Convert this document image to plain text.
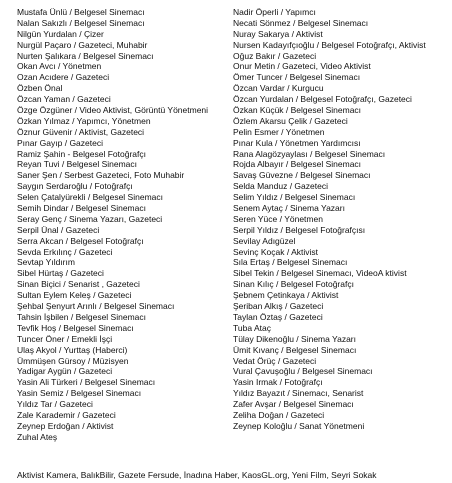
Mustafa Ünlü / Belgesel Sinemacı
Nalan Sakızlı / Belgesel Sinemacı
Nilgün Yurdalan / Çizer
Nurgül Paçaro / Gazeteci, Muhabir
Nurten Şalıkara / Belgesel Sinemacı
Okan Avcı / Yönetmen
Ozan Acıdere / Gazeteci
Özben Önal
Özcan Yaman / Gazeteci
Özge Özgüner / Video Aktivist, Görüntü Yönetmeni
Özkan Yılmaz / Yapımcı, Yönetmen
Öznur Güvenir / Aktivist, Gazeteci
Pınar Gayıp / Gazeteci
Ramiz Şahin - Belgesel Fotoğrafçı
Reyan Tuvi / Belgesel Sinemacı
Saner Şen / Serbest Gazeteci, Foto Muhabir
Saygın Serdaroğlu / Fotoğrafçı
Selen Çatalyürekli / Belgesel Sinemacı
Semih Dindar / Belgesel Sinemacı
Seray Genç / Sinema Yazarı, Gazeteci
Serpil Ünal / Gazeteci
Serra Akcan / Belgesel Fotoğrafçı
Sevda Erkılınç / Gazeteci
Sevtap Yıldırım
Sibel Hürtaş / Gazeteci
Sinan Biçici / Senarist , Gazeteci
Sultan Eylem Keleş / Gazeteci
Şehbal Şenyurt Arınlı / Belgesel Sinemacı
Tahsin İşbilen / Belgesel Sinemacı
Tevfik Hoş / Belgesel Sinemacı
Tuncer Öner / Emekli İşçi
Ulaş Akyol / Yurttaş (Haberci)
Ümmüşen Gürsoy / Müzisyen
Yadigar Aygün / Gazeteci
Yasin Ali Türkeri / Belgesel Sinemacı
Yasin Semiz / Belgesel Sinemacı
Yıldız Tar / Gazeteci
Zale Karademir / Gazeteci
Zeynep Erdoğan / Aktivist
Zuhal Ateş
Nadir Öperli / Yapımcı
Necati Sönmez / Belgesel Sinemacı
Nuray Sakarya / Aktivist
Nursen Kadayıfçıoğlu / Belgesel Fotoğrafçı, Aktivist
Oğuz Bakır / Gazeteci
Onur Metin / Gazeteci, Video Aktivist
Ömer Tuncer / Belgesel Sinemacı
Özcan Vardar / Kurgucu
Özcan Yurdalan / Belgesel Fotoğrafçı, Gazeteci
Özkan Küçük / Belgesel Sinemacı
Özlem Akarsu Çelik / Gazeteci
Pelin Esmer / Yönetmen
Pınar Kula / Yönetmen Yardımcısı
Rana Alagözyaylası / Belgesel Sinemacı
Rojda Albayır / Belgesel Sinemacı
Savaş Güvezne / Belgesel Sinemacı
Selda Manduz / Gazeteci
Selim Yıldız / Belgesel Sinemacı
Senem Aytaç / Sinema Yazarı
Seren Yüce / Yönetmen
Serpil Yıldız / Belgesel Fotoğrafçısı
Sevilay Adıgüzel
Sevinç Koçak / Aktivist
Sıla Ertaş / Belgesel Sinemacı
Sibel Tekin / Belgesel Sinemacı, VideoA ktivist
Sinan Kılıç / Belgesel Fotoğrafçı
Şebnem Çetinkaya / Aktivist
Şeriban Alkış / Gazeteci
Taylan Öztaş / Gazeteci
Tuba Ataç
Tülay Dikenoğlu / Sinema Yazarı
Ümit Kıvanç / Belgesel Sinemacı
Vedat Örüç / Gazeteci
Vural Çavuşoğlu / Belgesel Sinemacı
Yasin Irmak / Fotoğrafçı
Yıldız Bayazıt / Sinemacı, Senarist
Zafer Avşar / Belgesel Sinemacı
Zeliha Doğan / Gazeteci
Zeynep Koloğlu / Sanat Yönetmeni
Aktivist Kamera, BalıkBilir, Gazete Fersude, İnadına Haber, KaosGL.org, Yeni Film, Seyri Sokak
